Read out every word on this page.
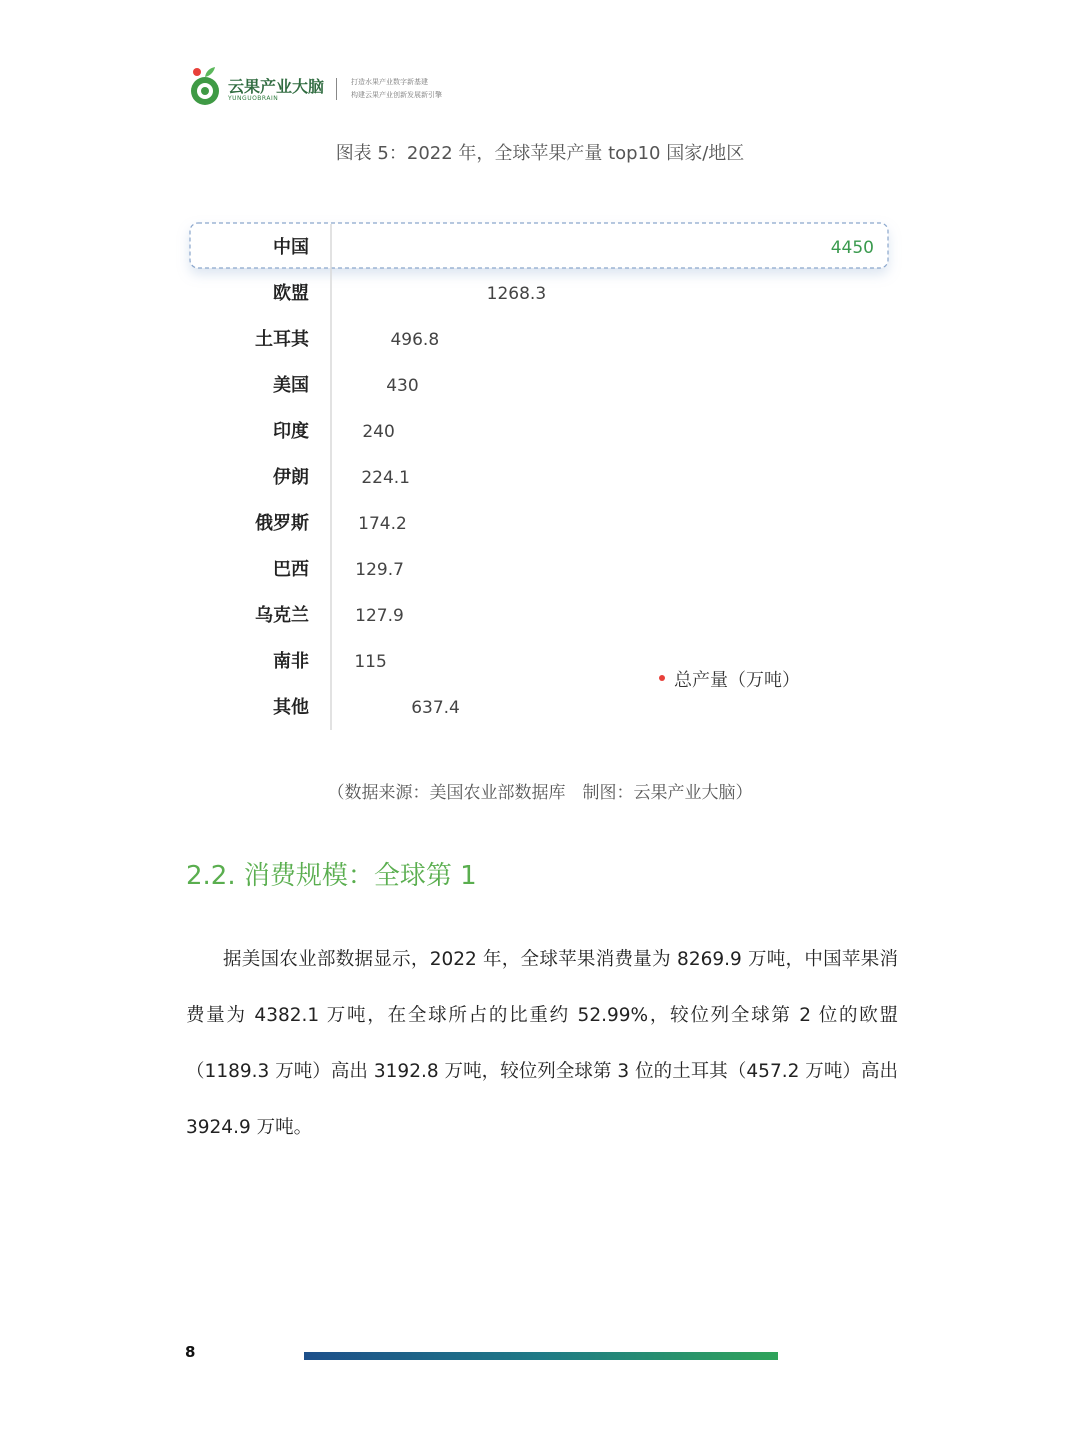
云果产业大脑
YUNGUOBRAIN
打造水果产业数字新基建
构建云果产业创新发展新引擎
图表 5：2022 年，全球苹果产量 top10 国家/地区
中国	4450
欧盟	1268.3
土耳其	496.8
美国	430
印度	240
伊朗	224.1
俄罗斯	174.2
巴西	129.7
乌克兰	127.9
南非	115
其他	637.4
总产量（万吨）
（数据来源：美国农业部数据库　制图：云果产业大脑）
2.2. 消费规模：全球第 1

据美国农业部数据显示，2022 年，全球苹果消费量为 8269.9 万吨，中国苹果消费量为 4382.1 万吨，在全球所占的比重约 52.99%，较位列全球第 2 位的欧盟（1189.3 万吨）高出 3192.8 万吨，较位列全球第 3 位的土耳其（457.2 万吨）高出 3924.9 万吨。

8
